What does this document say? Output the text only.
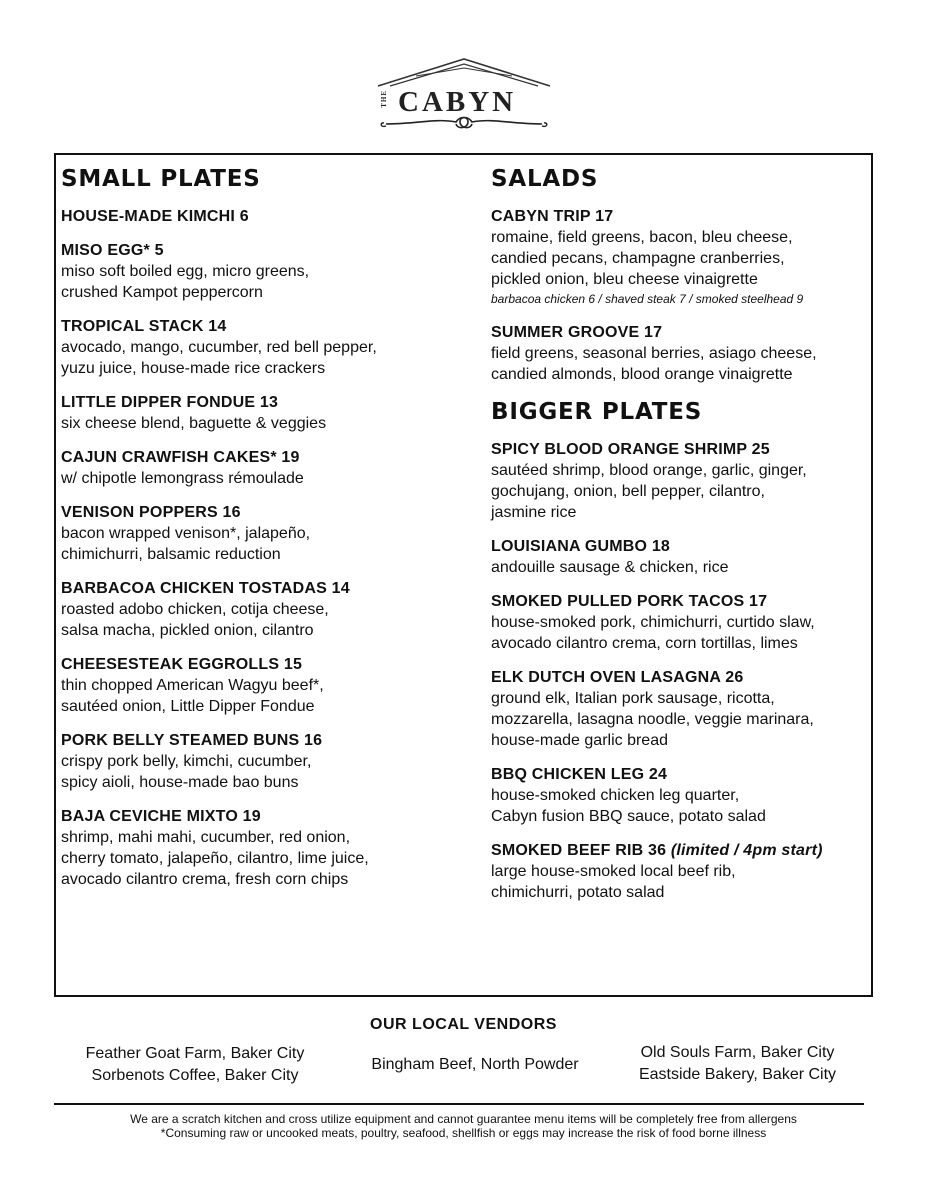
THE CABYN
SMALL PLATES
HOUSE-MADE KIMCHI 6
MISO EGG* 5
miso soft boiled egg, micro greens,
crushed Kampot peppercorn
TROPICAL STACK 14
avocado, mango, cucumber, red bell pepper,
yuzu juice, house-made rice crackers
LITTLE DIPPER FONDUE 13
six cheese blend, baguette & veggies
CAJUN CRAWFISH CAKES* 19
w/ chipotle lemongrass rémoulade
VENISON POPPERS 16
bacon wrapped venison*, jalapeño,
chimichurri, balsamic reduction
BARBACOA CHICKEN TOSTADAS 14
roasted adobo chicken, cotija cheese,
salsa macha, pickled onion, cilantro
CHEESESTEAK EGGROLLS 15
thin chopped American Wagyu beef*,
sautéed onion, Little Dipper Fondue
PORK BELLY STEAMED BUNS 16
crispy pork belly, kimchi, cucumber,
spicy aioli, house-made bao buns
BAJA CEVICHE MIXTO 19
shrimp, mahi mahi, cucumber, red onion,
cherry tomato, jalapeño, cilantro, lime juice,
avocado cilantro crema, fresh corn chips
SALADS
CABYN TRIP 17
romaine, field greens, bacon, bleu cheese,
candied pecans, champagne cranberries,
pickled onion, bleu cheese vinaigrette
barbacoa chicken 6 / shaved steak 7 / smoked steelhead 9
SUMMER GROOVE 17
field greens, seasonal berries, asiago cheese,
candied almonds, blood orange vinaigrette
BIGGER PLATES
SPICY BLOOD ORANGE SHRIMP 25
sautéed shrimp, blood orange, garlic, ginger,
gochujang, onion, bell pepper, cilantro,
jasmine rice
LOUISIANA GUMBO 18
andouille sausage & chicken, rice
SMOKED PULLED PORK TACOS 17
house-smoked pork, chimichurri, curtido slaw,
avocado cilantro crema, corn tortillas, limes
ELK DUTCH OVEN LASAGNA 26
ground elk, Italian pork sausage, ricotta,
mozzarella, lasagna noodle, veggie marinara,
house-made garlic bread
BBQ CHICKEN LEG 24
house-smoked chicken leg quarter,
Cabyn fusion BBQ sauce, potato salad
SMOKED BEEF RIB 36 (limited / 4pm start)
large house-smoked local beef rib,
chimichurri, potato salad
OUR LOCAL VENDORS
Feather Goat Farm, Baker City
Sorbenots Coffee, Baker City
Bingham Beef, North Powder
Old Souls Farm, Baker City
Eastside Bakery, Baker City
We are a scratch kitchen and cross utilize equipment and cannot guarantee menu items will be completely free from allergens
*Consuming raw or uncooked meats, poultry, seafood, shellfish or eggs may increase the risk of food borne illness
